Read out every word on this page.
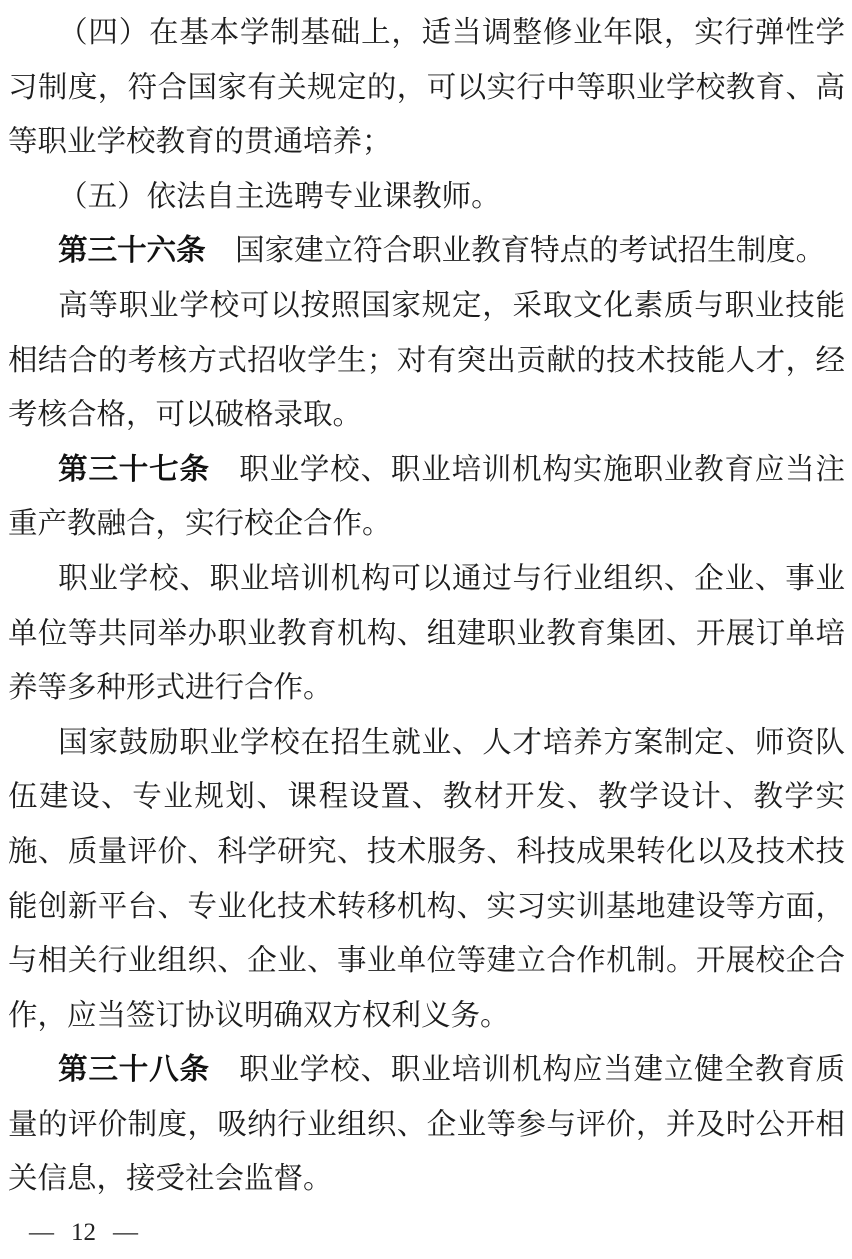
（四）在基本学制基础上，适当调整修业年限，实行弹性学习制度，符合国家有关规定的，可以实行中等职业学校教育、高等职业学校教育的贯通培养；

（五）依法自主选聘专业课教师。

第三十六条 国家建立符合职业教育特点的考试招生制度。

高等职业学校可以按照国家规定，采取文化素质与职业技能相结合的考核方式招收学生；对有突出贡献的技术技能人才，经考核合格，可以破格录取。

第三十七条 职业学校、职业培训机构实施职业教育应当注重产教融合，实行校企合作。

职业学校、职业培训机构可以通过与行业组织、企业、事业单位等共同举办职业教育机构、组建职业教育集团、开展订单培养等多种形式进行合作。

国家鼓励职业学校在招生就业、人才培养方案制定、师资队伍建设、专业规划、课程设置、教材开发、教学设计、教学实施、质量评价、科学研究、技术服务、科技成果转化以及技术技能创新平台、专业化技术转移机构、实习实训基地建设等方面，与相关行业组织、企业、事业单位等建立合作机制。开展校企合作，应当签订协议明确双方权利义务。

第三十八条 职业学校、职业培训机构应当建立健全教育质量的评价制度，吸纳行业组织、企业等参与评价，并及时公开相关信息，接受社会监督。

— 12 —
